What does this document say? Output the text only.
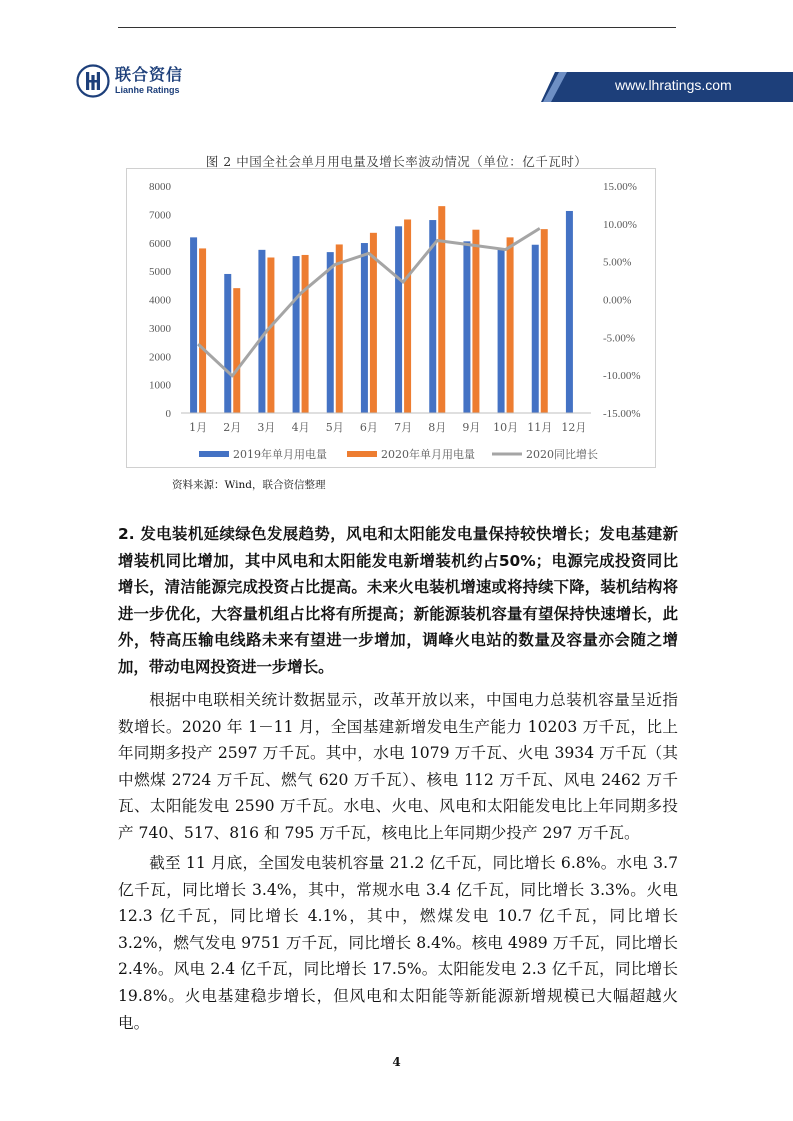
联合资信
Lianhe Ratings	www.lhratings.com
图 2 中国全社会单月用电量及增长率波动情况（单位：亿千瓦时）
0
1000
2000
3000
4000
5000
6000
7000
8000
-15.00%
-10.00%
-5.00%
0.00%
5.00%
10.00%
15.00%
1月 2月 3月 4月 5月 6月 7月 8月 9月 10月 11月 12月
2019年单月用电量	2020年单月用电量	2020同比增长
资料来源：Wind，联合资信整理
2. 发电装机延续绿色发展趋势，风电和太阳能发电量保持较快增长；发电基建新增装机同比增加，其中风电和太阳能发电新增装机约占50%；电源完成投资同比增长，清洁能源完成投资占比提高。未来火电装机增速或将持续下降，装机结构将进一步优化，大容量机组占比将有所提高；新能源装机容量有望保持快速增长，此外，特高压输电线路未来有望进一步增加，调峰火电站的数量及容量亦会随之增加，带动电网投资进一步增长。
根据中电联相关统计数据显示，改革开放以来，中国电力总装机容量呈近指数增长。2020 年 1－11 月，全国基建新增发电生产能力 10203 万千瓦，比上年同期多投产 2597 万千瓦。其中，水电 1079 万千瓦、火电 3934 万千瓦（其中燃煤 2724 万千瓦、燃气 620 万千瓦）、核电 112 万千瓦、风电 2462 万千瓦、太阳能发电 2590 万千瓦。水电、火电、风电和太阳能发电比上年同期多投产 740、517、816 和 795 万千瓦，核电比上年同期少投产 297 万千瓦。
截至 11 月底，全国发电装机容量 21.2 亿千瓦，同比增长 6.8%。水电 3.7 亿千瓦，同比增长 3.4%，其中，常规水电 3.4 亿千瓦，同比增长 3.3%。火电 12.3 亿千瓦，同比增长 4.1%，其中，燃煤发电 10.7 亿千瓦，同比增长 3.2%，燃气发电 9751 万千瓦，同比增长 8.4%。核电 4989 万千瓦，同比增长 2.4%。风电 2.4 亿千瓦，同比增长 17.5%。太阳能发电 2.3 亿千瓦，同比增长 19.8%。火电基建稳步增长，但风电和太阳能等新能源新增规模已大幅超越火电。
4
